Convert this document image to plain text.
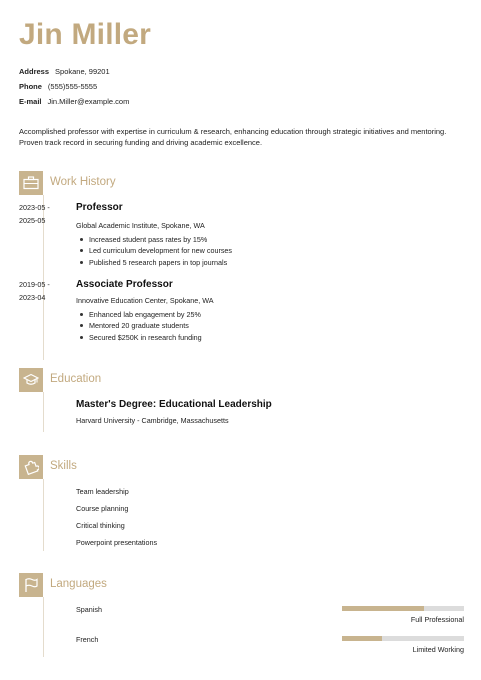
Jin Miller
Address Spokane, 99201
Phone (555)555-5555
E-mail Jin.Miller@example.com
Accomplished professor with expertise in curriculum & research, enhancing education through strategic initiatives and mentoring. Proven track record in securing funding and driving academic excellence.
Work History
2023-05 -
2025-05
Professor
Global Academic Institute, Spokane, WA
Increased student pass rates by 15%
Led curriculum development for new courses
Published 5 research papers in top journals
2019-05 -
2023-04
Associate Professor
Innovative Education Center, Spokane, WA
Enhanced lab engagement by 25%
Mentored 20 graduate students
Secured $250K in research funding
Education
Master's Degree: Educational Leadership
Harvard University - Cambridge, Massachusetts
Skills
Team leadership
Course planning
Critical thinking
Powerpoint presentations
Languages
Spanish
Full Professional
French
Limited Working
